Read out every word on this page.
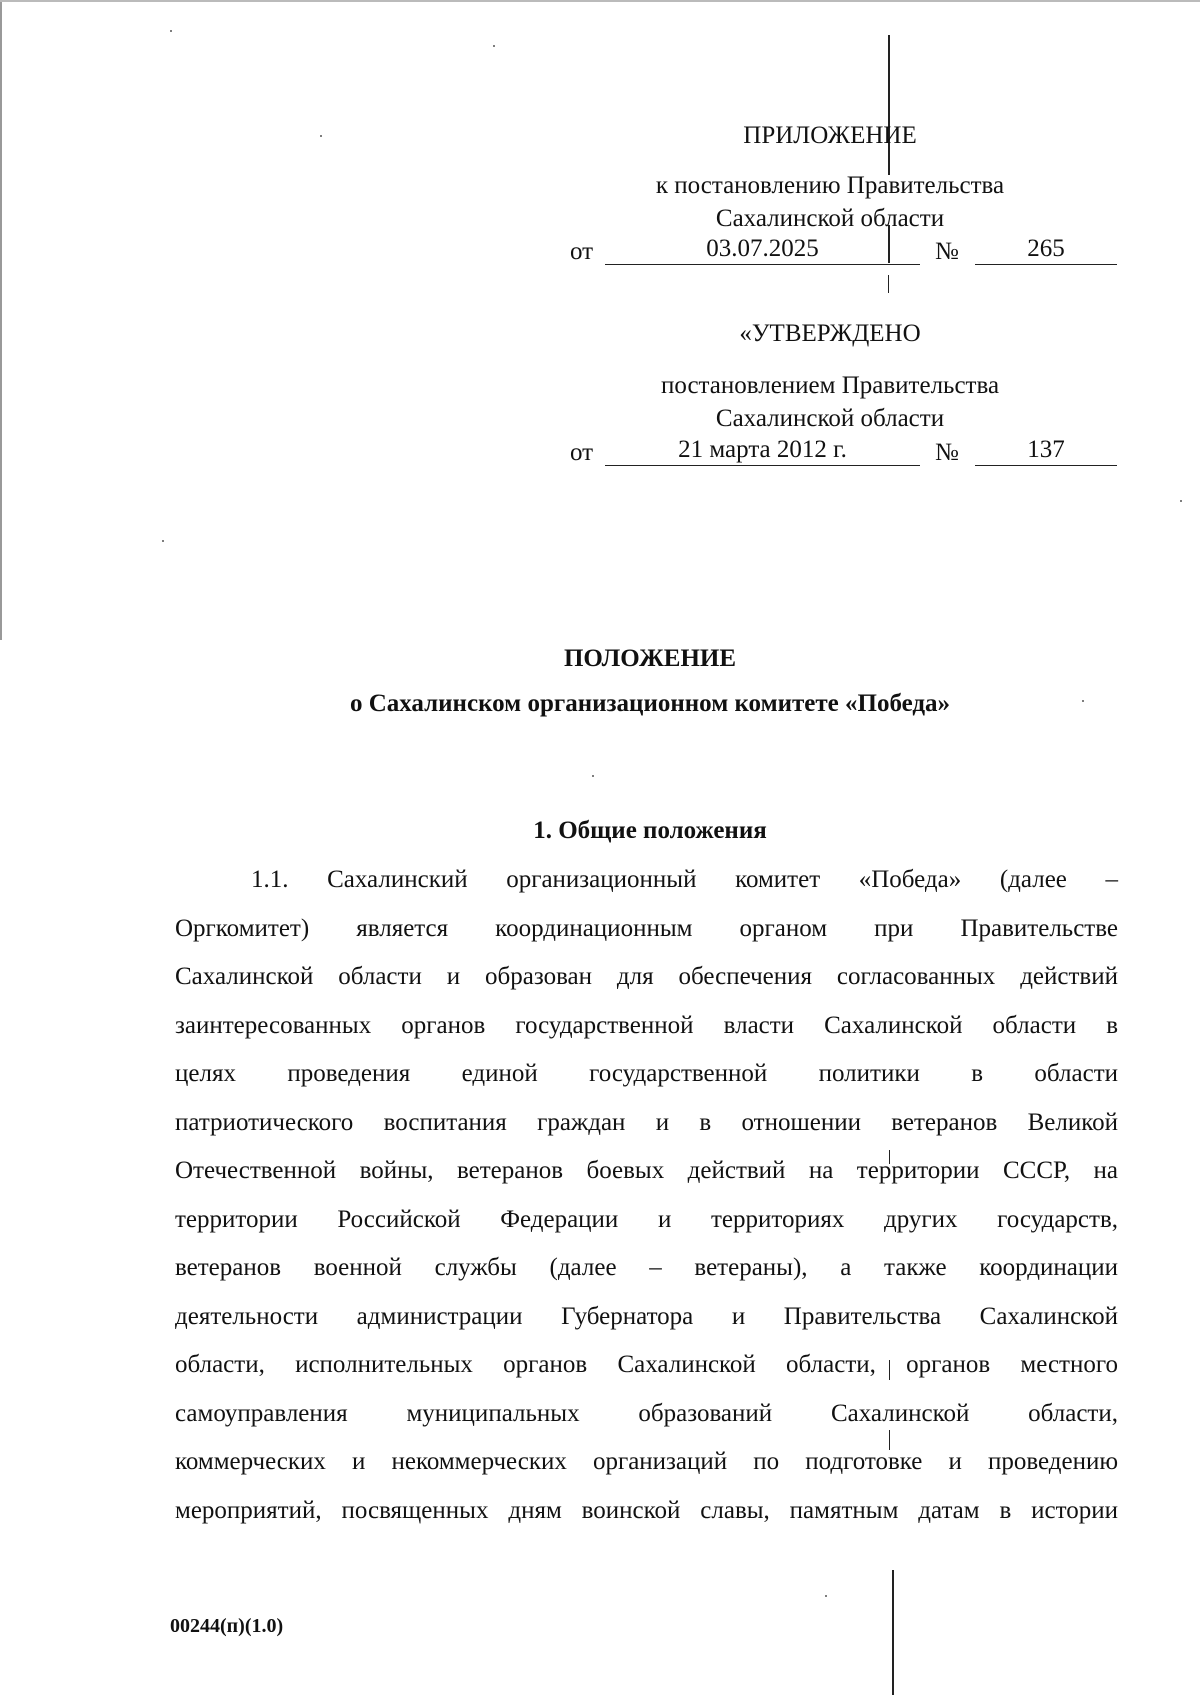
ПРИЛОЖЕНИЕ
к постановлению Правительства
Сахалинской области
от	03.07.2025	№	265
«УТВЕРЖДЕНО
постановлением Правительства
Сахалинской области
от	21 марта 2012 г.	№	137
ПОЛОЖЕНИЕ
о Сахалинском организационном комитете «Победа»
1. Общие положения
1.1. Сахалинский организационный комитет «Победа» (далее –
Оргкомитет) является координационным органом при Правительстве
Сахалинской области и образован для обеспечения согласованных действий
заинтересованных органов государственной власти Сахалинской области в
целях проведения единой государственной политики в области
патриотического воспитания граждан и в отношении ветеранов Великой
Отечественной войны, ветеранов боевых действий на территории СССР, на
территории Российской Федерации и территориях других государств,
ветеранов военной службы (далее – ветераны), а также координации
деятельности администрации Губернатора и Правительства Сахалинской
области, исполнительных органов Сахалинской области, органов местного
самоуправления муниципальных образований Сахалинской области,
коммерческих и некоммерческих организаций по подготовке и проведению
мероприятий, посвященных дням воинской славы, памятным датам в истории
00244(п)(1.0)
